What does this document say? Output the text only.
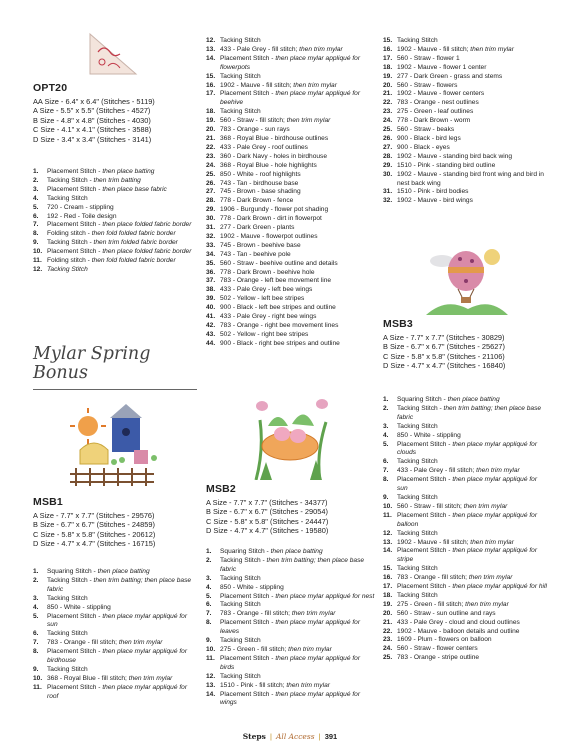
OPT20
AA Size - 6.4" x 6.4" (Stitches - 5119)
A Size - 5.5" x 5.5" (Stitches - 4527)
B Size - 4.8" x 4.8" (Stitches - 4030)
C Size - 4.1" x 4.1" (Stitches - 3588)
D Size - 3.4" x 3.4" (Stitches - 3141)
1.	Placement Stitch - then place batting
2.	Tacking Stitch - then trim batting
3.	Placement Stitch - then place base fabric
4.	Tacking Stitch
5.	720 - Cream - stippling
6.	192 - Red - Toile design
7.	Placement Stitch - then place folded fabric border
8.	Folding stitch - then fold folded fabric border
9.	Tacking Stitch - then trim folded fabric border
10. Placement Stitch - then place folded fabric border
11. Folding stitch - then fold folded fabric border
12. Tacking Stitch
Mylar Spring Bonus
MSB1
A Size - 7.7" x 7.7" (Stitches - 29576)
B Size - 6.7" x 6.7" (Stitches - 24859)
C Size - 5.8" x 5.8" (Stitches - 20612)
D Size - 4.7" x 4.7" (Stitches - 16715)
1.	Squaring Stitch - then place batting
2.	Tacking Stitch - then trim batting; then place base fabric
3.	Tacking Stitch
4.	850 - White - stippling
5.	Placement Stitch - then place mylar appliqué for sun
6.	Tacking Stitch
7.	783 - Orange - fill stitch; then trim mylar
8.	Placement Stitch - then place mylar appliqué for birdhouse
9.	Tacking Stitch
10. 368 - Royal Blue - fill stitch; then trim mylar
11. Placement Stitch - then place mylar appliqué for roof
12. Tacking Stitch
13. 433 - Pale Grey - fill stitch; then trim mylar
14. Placement Stitch - then place mylar appliqué for flowerpots
15. Tacking Stitch
16. 1902 - Mauve - fill stitch; then trim mylar
17. Placement Stitch - then place mylar appliqué for beehive
18. Tacking Stitch
19. 560 - Straw - fill stitch; then trim mylar
20. 783 - Orange - sun rays
21. 368 - Royal Blue - birdhouse outlines
22. 433 - Pale Grey - roof outlines
23. 360 - Dark Navy - holes in birdhouse
24. 368 - Royal Blue - hole highlights
25. 850 - White - roof highlights
26. 743 - Tan - birdhouse base
27. 745 - Brown - base shading
28. 778 - Dark Brown - fence
29. 1906 - Burgundy - flower pot shading
30. 778 - Dark Brown - dirt in flowerpot
31. 277 - Dark Green - plants
32. 1902 - Mauve - flowerpot outlines
33. 745 - Brown - beehive base
34. 743 - Tan - beehive pole
35. 560 - Straw - beehive outline and details
36. 778 - Dark Brown - beehive hole
37. 783 - Orange - left bee movement line
38. 433 - Pale Grey - left bee wings
39. 502 - Yellow - left bee stripes
40. 900 - Black - left bee stripes and outline
41. 433 - Pale Grey - right bee wings
42. 783 - Orange - right bee movement lines
43. 502 - Yellow - right bee stripes
44. 900 - Black - right bee stripes and outline
MSB2
A Size - 7.7" x 7.7" (Stitches - 34377)
B Size - 6.7" x 6.7" (Stitches - 29054)
C Size - 5.8" x 5.8" (Stitches - 24447)
D Size - 4.7" x 4.7" (Stitches - 19580)
1.	Squaring Stitch - then place batting
2.	Tacking Stitch - then trim batting; then place base fabric
3.	Tacking Stitch
4.	850 - White - stippling
5.	Placement Stitch - then place mylar appliqué for nest
6.	Tacking Stitch
7.	783 - Orange - fill stitch; then trim mylar
8.	Placement Stitch - then place mylar appliqué for leaves
9.	Tacking Stitch
10. 275 - Green - fill stitch; then trim mylar
11. Placement Stitch - then place mylar appliqué for birds
12. Tacking Stitch
13. 1510 - Pink - fill stitch; then trim mylar
14. Placement Stitch - then place mylar appliqué for wings
15. Tacking Stitch
16. 1902 - Mauve - fill stitch; then trim mylar
17. 560 - Straw - flower 1
18. 1902 - Mauve - flower 1 center
19. 277 - Dark Green - grass and stems
20. 560 - Straw - flowers
21. 1902 - Mauve - flower centers
22. 783 - Orange - nest outlines
23. 275 - Green - leaf outlines
24. 778 - Dark Brown - worm
25. 560 - Straw - beaks
26. 900 - Black - bird legs
27. 900 - Black - eyes
28. 1902 - Mauve - standing bird back wing
29. 1510 - Pink - standing bird outline
30. 1902 - Mauve - standing bird front wing and bird in nest back wing
31. 1510 - Pink - bird bodies
32. 1902 - Mauve - bird wings
MSB3
A Size - 7.7" x 7.7" (Stitches - 30829)
B Size - 6.7" x 6.7" (Stitches - 25627)
C Size - 5.8" x 5.8" (Stitches - 21106)
D Size - 4.7" x 4.7" (Stitches - 16840)
1.	Squaring Stitch - then place batting
2.	Tacking Stitch - then trim batting; then place base fabric
3.	Tacking Stitch
4.	850 - White - stippling
5.	Placement Stitch - then place mylar appliqué for clouds
6.	Tacking Stitch
7.	433 - Pale Grey - fill stitch; then trim mylar
8.	Placement Stitch - then place mylar appliqué for sun
9.	Tacking Stitch
10. 560 - Straw - fill stitch; then trim mylar
11. Placement Stitch - then place mylar appliqué for balloon
12. Tacking Stitch
13. 1902 - Mauve - fill stitch; then trim mylar
14. Placement Stitch - then place mylar appliqué for stripe
15. Tacking Stitch
16. 783 - Orange - fill stitch; then trim mylar
17. Placement Stitch - then place mylar appliqué for hill
18. Tacking Stitch
19. 275 - Green - fill stitch; then trim mylar
20. 560 - Straw - sun outline and rays
21. 433 - Pale Grey - cloud and cloud outlines
22. 1902 - Mauve - balloon details and outline
23. 1609 - Plum - flowers on balloon
24. 560 - Straw - flower centers
25. 783 - Orange - stripe outline
Steps | All Access | 391
